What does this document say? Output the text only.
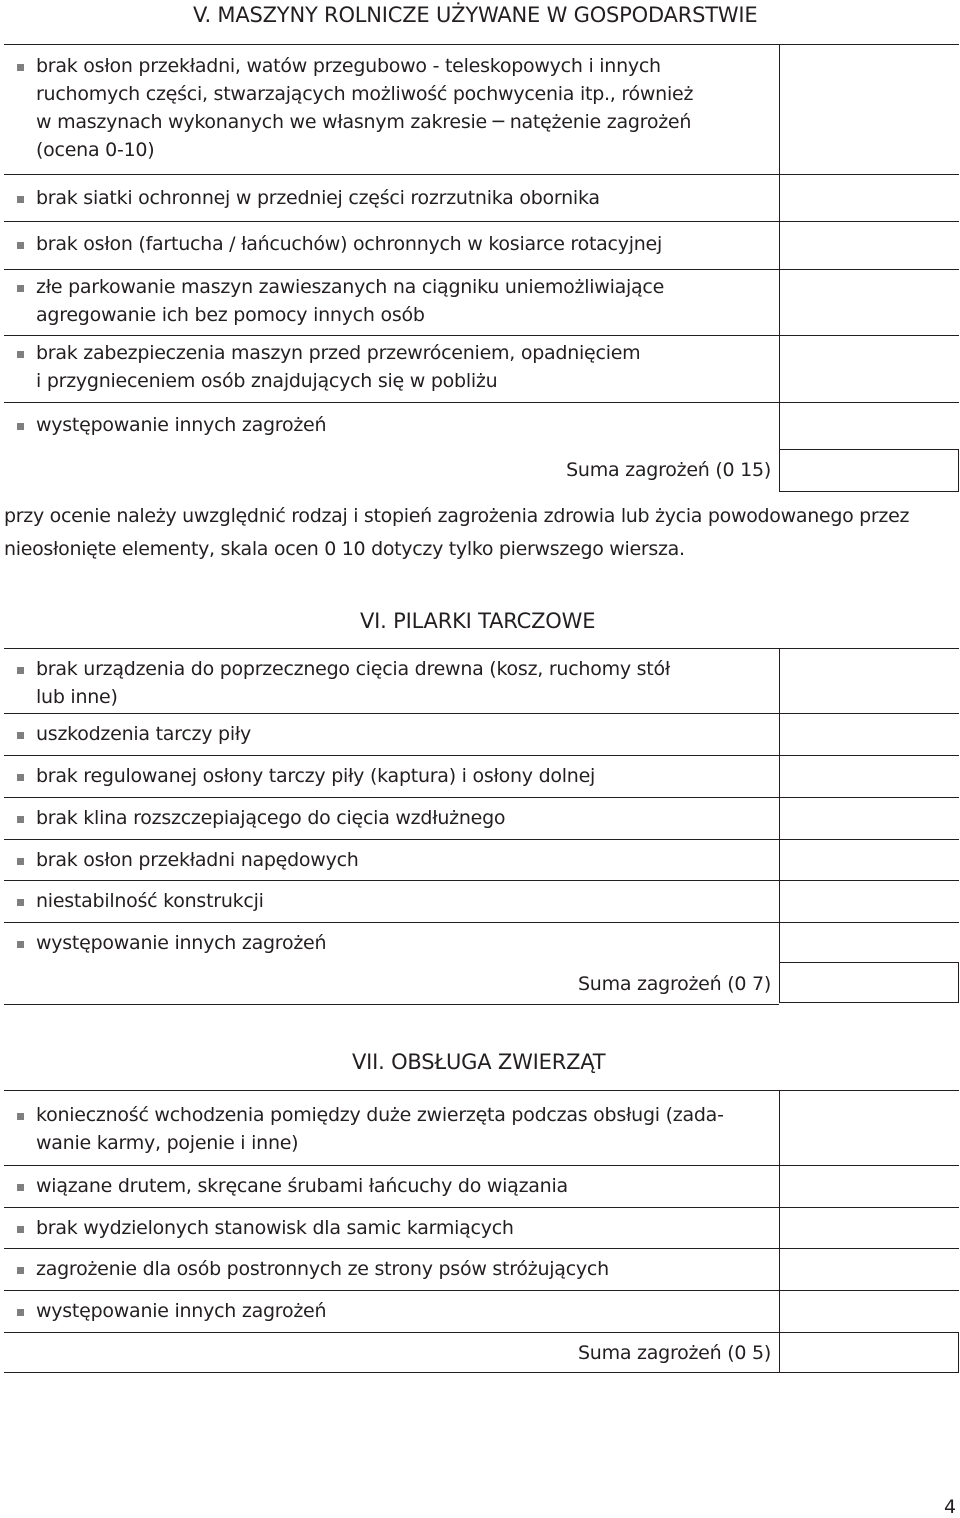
V. MASZYNY ROLNICZE UŻYWANE W GOSPODARSTWIE
brak osłon przekładni, watów przegubowo - teleskopowych i innych
ruchomych części, stwarzających możliwość pochwycenia itp., również
w maszynach wykonanych we własnym zakresie ─ natężenie zagrożeń
(ocena 0-10)
brak siatki ochronnej w przedniej części rozrzutnika obornika
brak osłon (fartucha / łańcuchów) ochronnych w kosiarce rotacyjnej
złe parkowanie maszyn zawieszanych na ciągniku uniemożliwiające
agregowanie ich bez pomocy innych osób
brak zabezpieczenia maszyn przed przewróceniem, opadnięciem
i przygnieceniem osób znajdujących się w pobliżu
występowanie innych zagrożeń
Suma zagrożeń (0 15)
przy ocenie należy uwzględnić rodzaj i stopień zagrożenia zdrowia lub życia powodowanego przez nieosłonięte elementy, skala ocen 0 10 dotyczy tylko pierwszego wiersza.
VI. PILARKI TARCZOWE
brak urządzenia do poprzecznego cięcia drewna (kosz, ruchomy stół
lub inne)
uszkodzenia tarczy piły
brak regulowanej osłony tarczy piły (kaptura) i osłony dolnej
brak klina rozszczepiającego do cięcia wzdłużnego
brak osłon przekładni napędowych
niestabilność konstrukcji
występowanie innych zagrożeń
Suma zagrożeń (0 7)
VII. OBSŁUGA ZWIERZĄT
konieczność wchodzenia pomiędzy duże zwierzęta podczas obsługi (zada-
wanie karmy, pojenie i inne)
wiązane drutem, skręcane śrubami łańcuchy do wiązania
brak wydzielonych stanowisk dla samic karmiących
zagrożenie dla osób postronnych ze strony psów stróżujących
występowanie innych zagrożeń
Suma zagrożeń (0 5)
4
